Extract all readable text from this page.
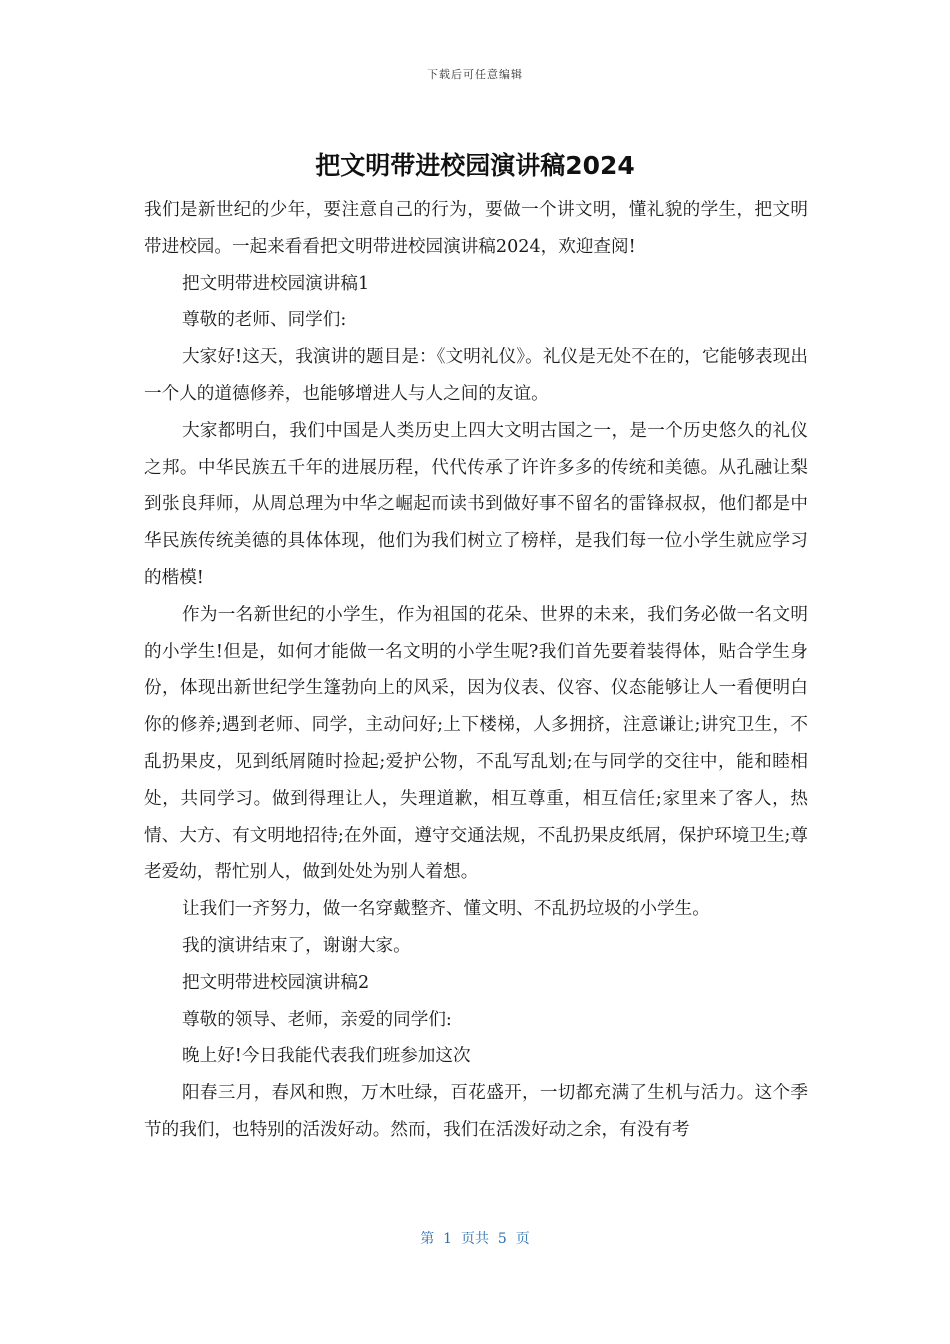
下载后可任意编辑
把文明带进校园演讲稿2024

我们是新世纪的少年，要注意自己的行为，要做一个讲文明，懂礼貌的学生，把文明带进校园。一起来看看把文明带进校园演讲稿2024，欢迎查阅!

把文明带进校园演讲稿1

尊敬的老师、同学们:

大家好!这天，我演讲的题目是：《文明礼仪》。礼仪是无处不在的，它能够表现出一个人的道德修养，也能够增进人与人之间的友谊。

大家都明白，我们中国是人类历史上四大文明古国之一，是一个历史悠久的礼仪之邦。中华民族五千年的进展历程，代代传承了许许多多的传统和美德。从孔融让梨到张良拜师，从周总理为中华之崛起而读书到做好事不留名的雷锋叔叔，他们都是中华民族传统美德的具体体现，他们为我们树立了榜样，是我们每一位小学生就应学习的楷模!

作为一名新世纪的小学生，作为祖国的花朵、世界的未来，我们务必做一名文明的小学生!但是，如何才能做一名文明的小学生呢?我们首先要着装得体，贴合学生身份，体现出新世纪学生篷勃向上的风采，因为仪表、仪容、仪态能够让人一看便明白你的修养;遇到老师、同学，主动问好;上下楼梯，人多拥挤，注意谦让;讲究卫生，不乱扔果皮，见到纸屑随时捡起;爱护公物，不乱写乱划;在与同学的交往中，能和睦相处，共同学习。做到得理让人，失理道歉，相互尊重，相互信任;家里来了客人，热情、大方、有文明地招待;在外面，遵守交通法规，不乱扔果皮纸屑，保护环境卫生;尊老爱幼，帮忙别人，做到处处为别人着想。

让我们一齐努力，做一名穿戴整齐、懂文明、不乱扔垃圾的小学生。

我的演讲结束了，谢谢大家。

把文明带进校园演讲稿2

尊敬的领导、老师，亲爱的同学们:

晚上好!今日我能代表我们班参加这次

阳春三月，春风和煦，万木吐绿，百花盛开，一切都充满了生机与活力。这个季节的我们，也特别的活泼好动。然而，我们在活泼好动之余，有没有考

第  1  页共  5  页
